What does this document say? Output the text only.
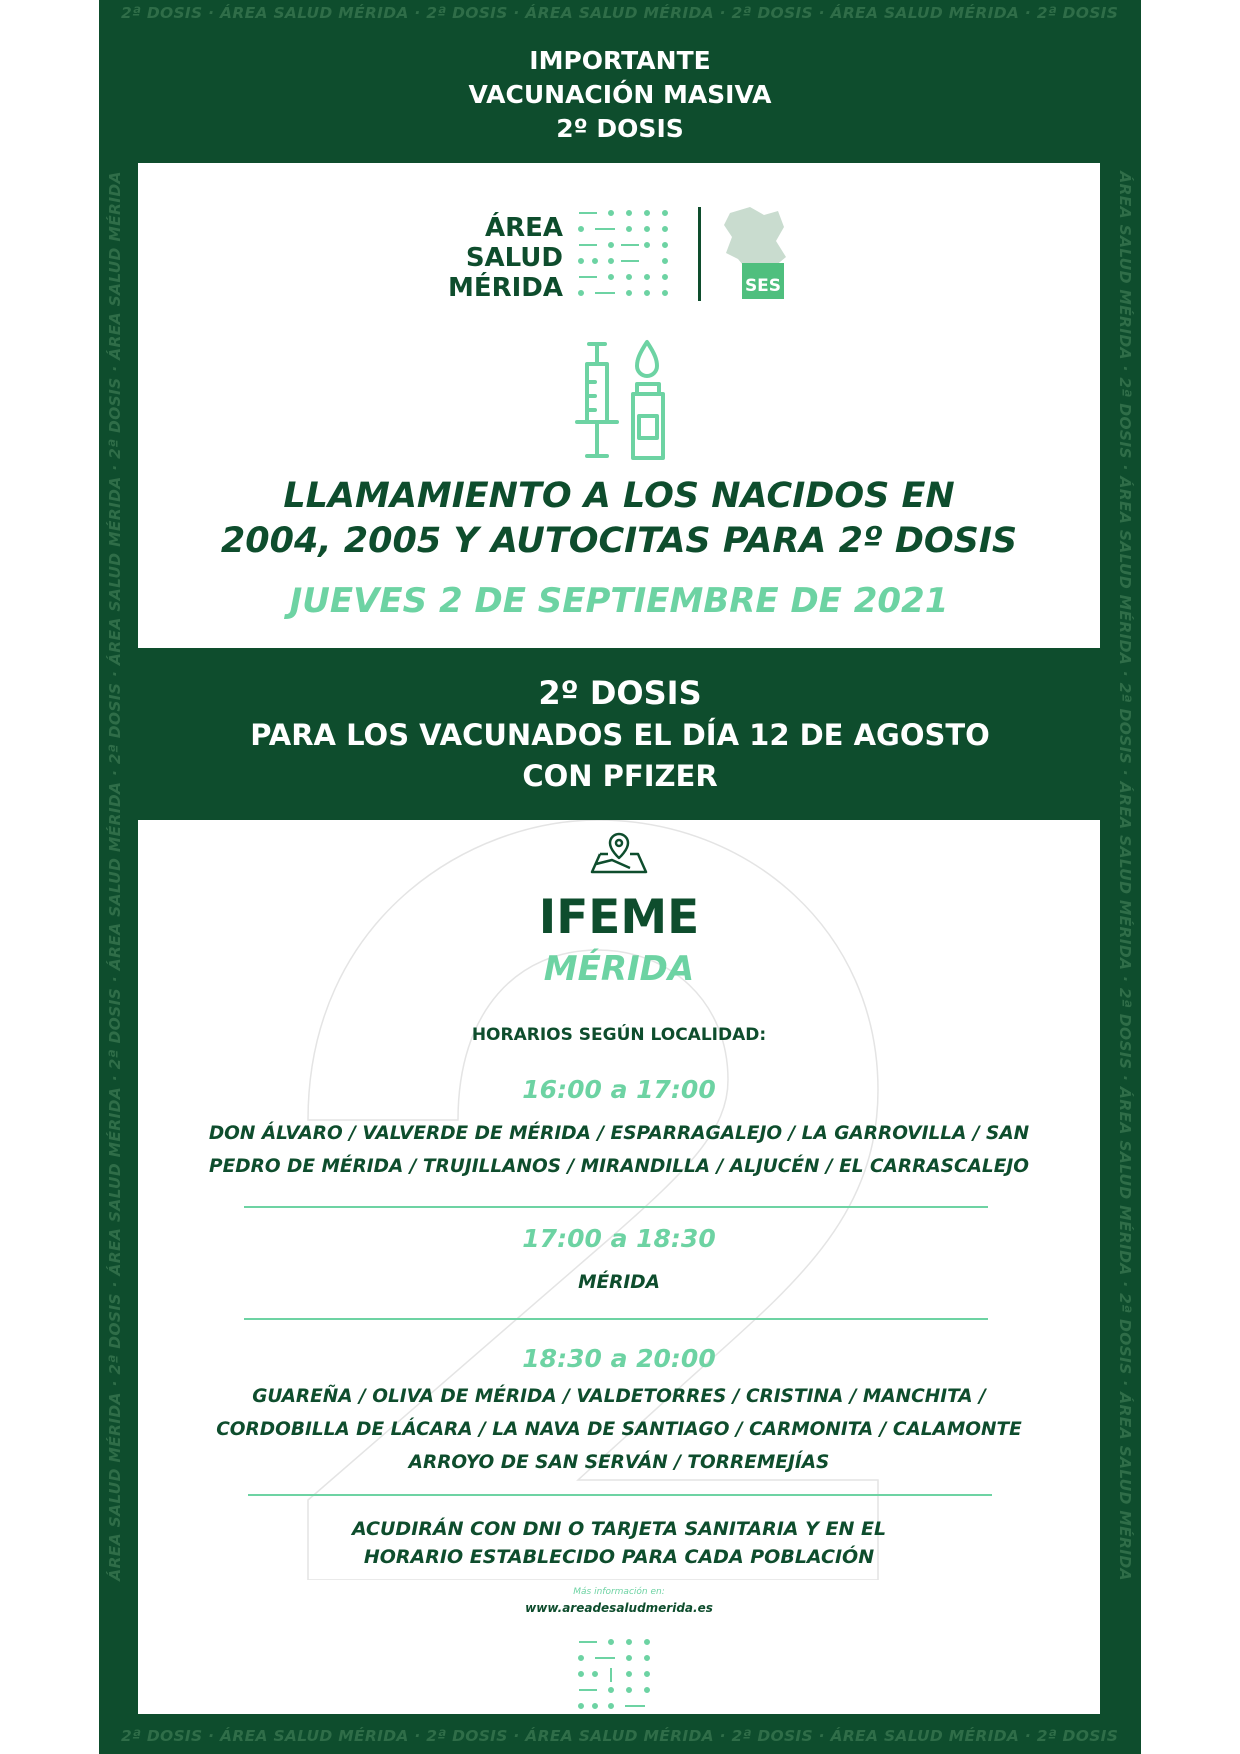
2ª DOSIS · ÁREA SALUD MÉRIDA · 2ª DOSIS · ÁREA SALUD MÉRIDA · 2ª DOSIS · ÁREA SALUD MÉRIDA · 2ª DOSIS
2ª DOSIS · ÁREA SALUD MÉRIDA · 2ª DOSIS · ÁREA SALUD MÉRIDA · 2ª DOSIS · ÁREA SALUD MÉRIDA · 2ª DOSIS
ÁREA SALUD MÉRIDA · 2ª DOSIS · ÁREA SALUD MÉRIDA · 2ª DOSIS · ÁREA SALUD MÉRIDA · 2ª DOSIS · ÁREA SALUD MÉRIDA · 2ª DOSIS · ÁREA SALUD MÉRIDA	ÁREA SALUD MÉRIDA · 2ª DOSIS · ÁREA SALUD MÉRIDA · 2ª DOSIS · ÁREA SALUD MÉRIDA · 2ª DOSIS · ÁREA SALUD MÉRIDA · 2ª DOSIS · ÁREA SALUD MÉRIDA
IMPORTANTE
VACUNACIÓN MASIVA
2º DOSIS
ÁREA
SALUD
MÉRIDA	SES
LLAMAMIENTO A LOS NACIDOS EN
2004, 2005 Y AUTOCITAS PARA 2º DOSIS
JUEVES 2 DE SEPTIEMBRE DE 2021
2º DOSIS
PARA LOS VACUNADOS EL DÍA 12 DE AGOSTO
CON PFIZER
IFEME
MÉRIDA
HORARIOS SEGÚN LOCALIDAD:
16:00 a 17:00
DON ÁLVARO / VALVERDE DE MÉRIDA / ESPARRAGALEJO / LA GARROVILLA / SAN
PEDRO DE MÉRIDA / TRUJILLANOS / MIRANDILLA / ALJUCÉN / EL CARRASCALEJO
17:00 a 18:30
MÉRIDA
18:30 a 20:00
GUAREÑA / OLIVA DE MÉRIDA / VALDETORRES / CRISTINA / MANCHITA /
CORDOBILLA DE LÁCARA / LA NAVA DE SANTIAGO / CARMONITA / CALAMONTE
ARROYO DE SAN SERVÁN / TORREMEJÍAS
ACUDIRÁN CON DNI O TARJETA SANITARIA Y EN EL
HORARIO ESTABLECIDO PARA CADA POBLACIÓN
Más información en:
www.areadesaludmerida.es
